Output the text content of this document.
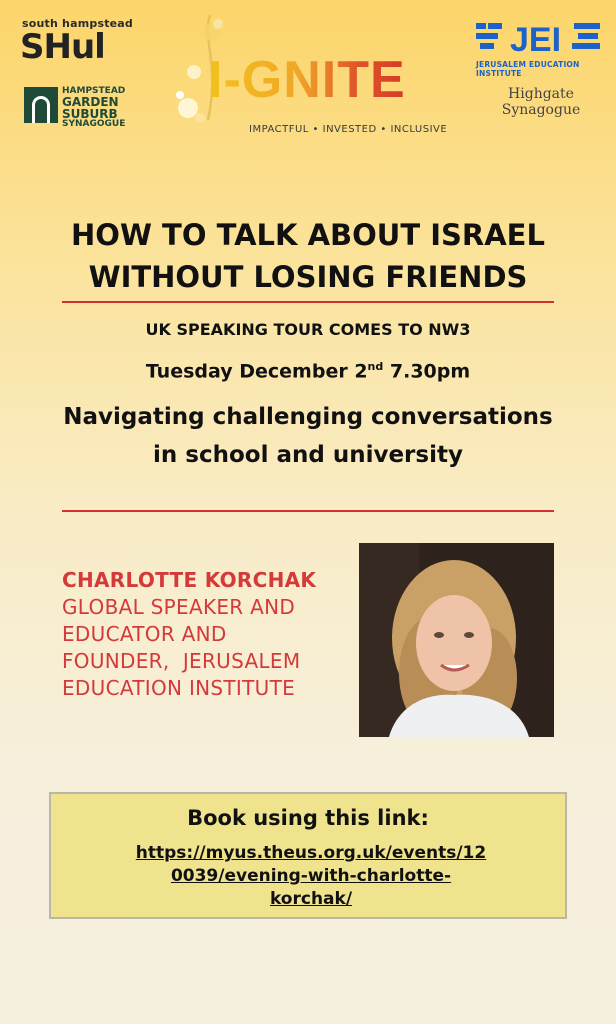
south hampstead
SHul
HAMPSTEAD
GARDEN
SUBURB
SYNAGOGUE
I-GNITE
IMPACTFUL • INVESTED • INCLUSIVE
JEI
JERUSALEM EDUCATION INSTITUTE
Highgate
Synagogue
HOW TO TALK ABOUT ISRAEL
WITHOUT LOSING FRIENDS
UK SPEAKING TOUR COMES TO NW3
Tuesday December 2nd 7.30pm
Navigating challenging conversations
in school and university
CHARLOTTE KORCHAK
GLOBAL SPEAKER AND
EDUCATOR AND
FOUNDER,  JERUSALEM
EDUCATION INSTITUTE
Book using this link:
https://myus.theus.org.uk/events/12
0039/evening-with-charlotte-
korchak/
